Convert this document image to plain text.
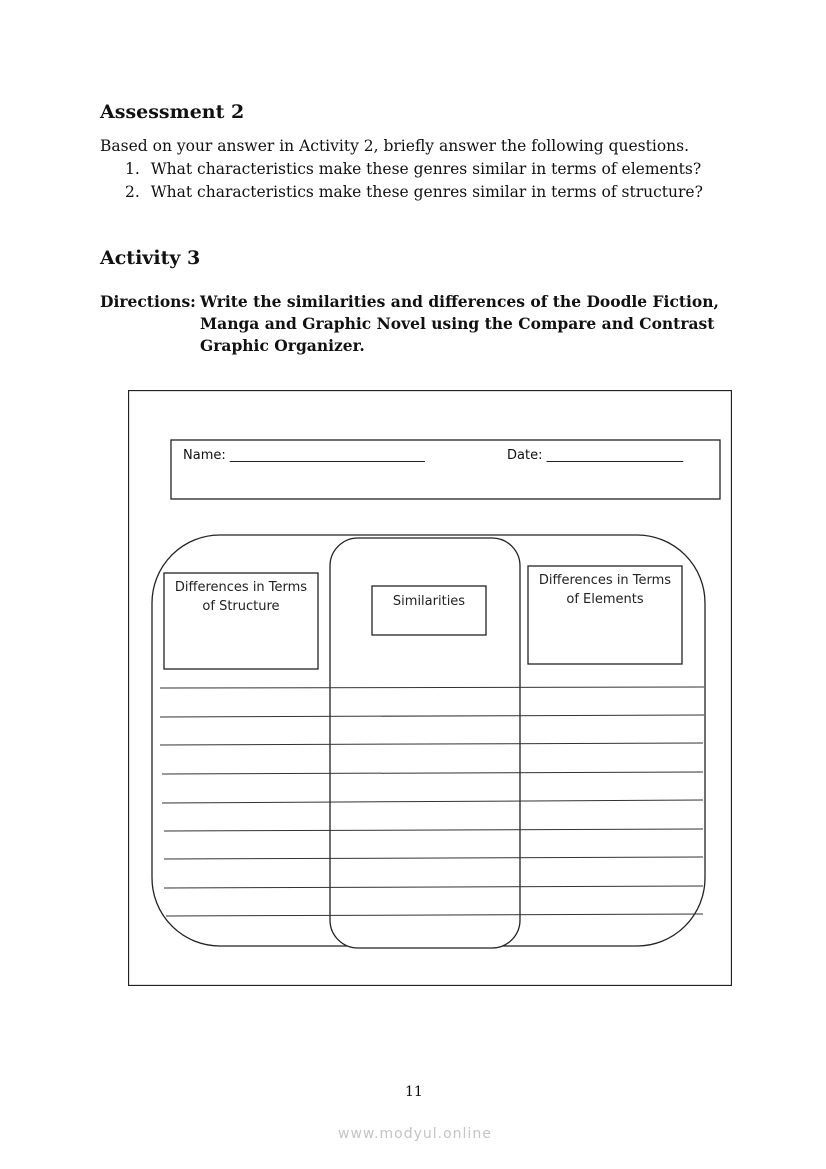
Assessment 2
Based on your answer in Activity 2, briefly answer the following questions.
1. What characteristics make these genres similar in terms of elements?
2. What characteristics make these genres similar in terms of structure?
Activity 3
Directions: Write the similarities and differences of the Doodle Fiction,
Manga and Graphic Novel using the Compare and Contrast
Graphic Organizer.
Name: ______________________________	Date: _____________________
Differences in Terms
of Structure	Similarities
Differences in Terms
of Elements
11
www.modyul.online
